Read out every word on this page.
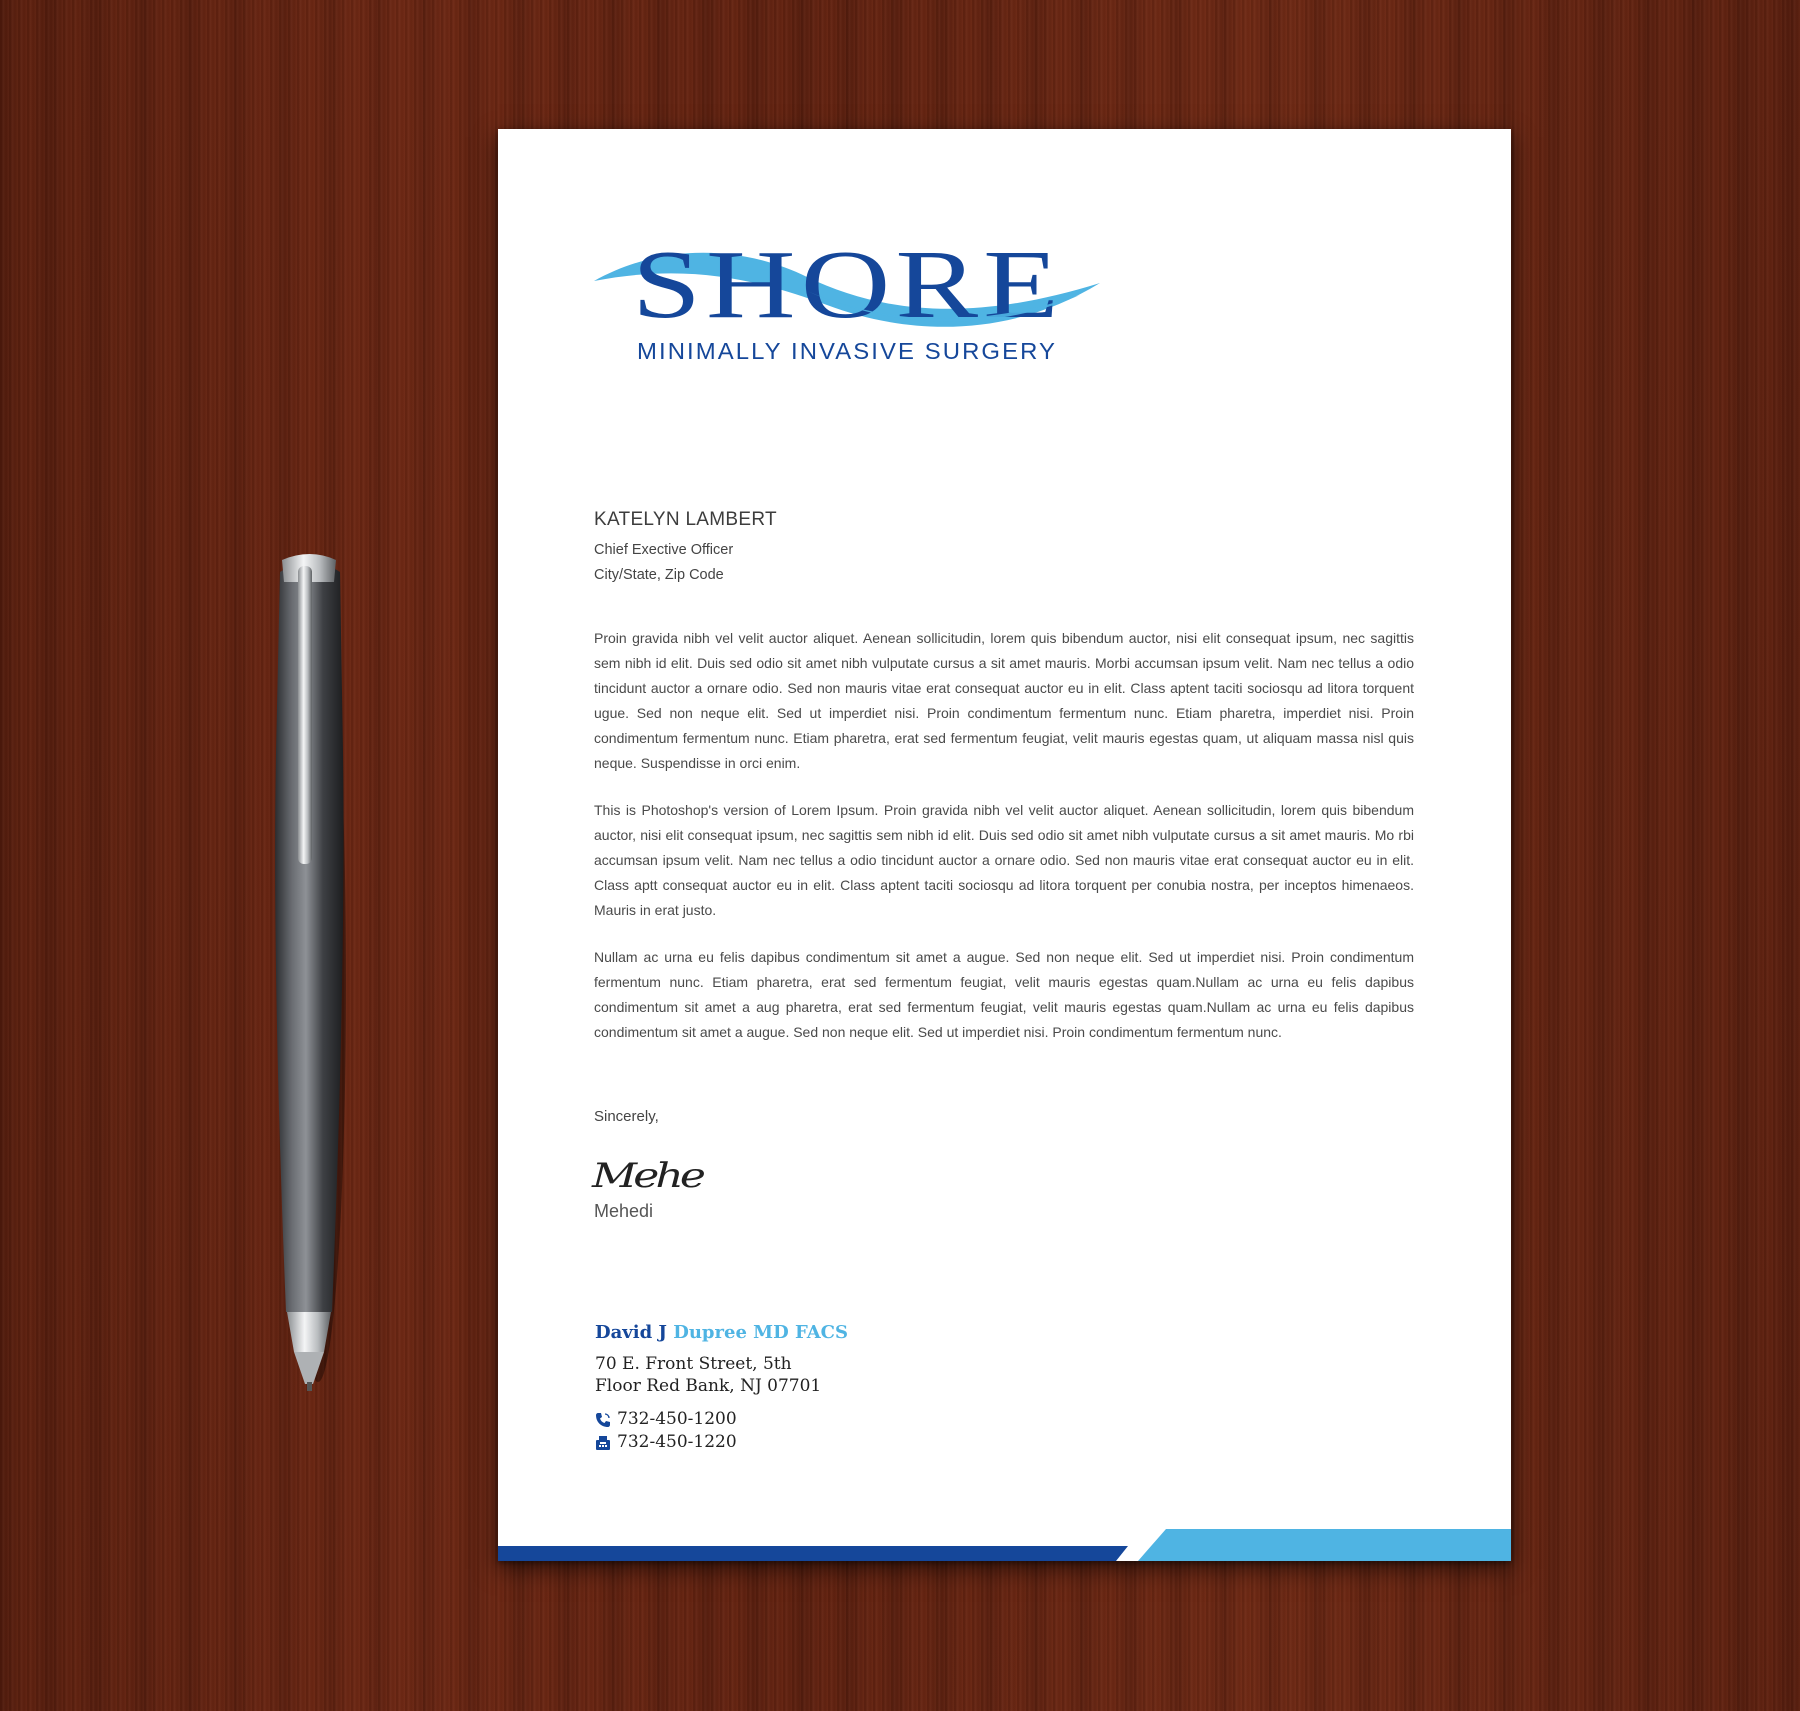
SHORE
MINIMALLY INVASIVE SURGERY
KATELYN LAMBERT
Chief Exective Officer
City/State, Zip Code

Proin gravida nibh vel velit auctor aliquet. Aenean sollicitudin, lorem quis bibendum auctor, nisi elit consequat ipsum, nec sagittis sem nibh id elit. Duis sed odio sit amet nibh vulputate cursus a sit amet mauris. Morbi accumsan ipsum velit. Nam nec tellus a odio tincidunt auctor a ornare odio. Sed non mauris vitae erat consequat auctor eu in elit. Class aptent taciti sociosqu ad litora torquent ugue. Sed non neque elit. Sed ut imperdiet nisi. Proin condimentum fermentum nunc. Etiam pharetra, imperdiet nisi. Proin condimentum fermentum nunc. Etiam pharetra, erat sed fermentum feugiat, velit mauris egestas quam, ut aliquam massa nisl quis neque. Suspendisse in orci enim.

This is Photoshop's version of Lorem Ipsum. Proin gravida nibh vel velit auctor aliquet. Aenean sollicitudin, lorem quis bibendum auctor, nisi elit consequat ipsum, nec sagittis sem nibh id elit. Duis sed odio sit amet nibh vulputate cursus a sit amet mauris. Mo rbi accumsan ipsum velit. Nam nec tellus a odio tincidunt auctor a ornare odio. Sed non mauris vitae erat consequat auctor eu in elit. Class aptt consequat auctor eu in elit. Class aptent taciti sociosqu ad litora torquent per conubia nostra, per inceptos himenaeos. Mauris in erat justo.

Nullam ac urna eu felis dapibus condimentum sit amet a augue. Sed non neque elit. Sed ut imperdiet nisi. Proin condimentum fermentum nunc. Etiam pharetra, erat sed fermentum feugiat, velit mauris egestas quam.Nullam ac urna eu felis dapibus condimentum sit amet a aug pharetra, erat sed fermentum feugiat, velit mauris egestas quam.Nullam ac urna eu felis dapibus condimentum sit amet a augue. Sed non neque elit. Sed ut imperdiet nisi. Proin condimentum fermentum nunc.

Sincerely,
Mehe
Mehedi
David J Dupree MD FACS
70 E. Front Street, 5th
Floor Red Bank, NJ 07701
732-450-1200
732-450-1220
